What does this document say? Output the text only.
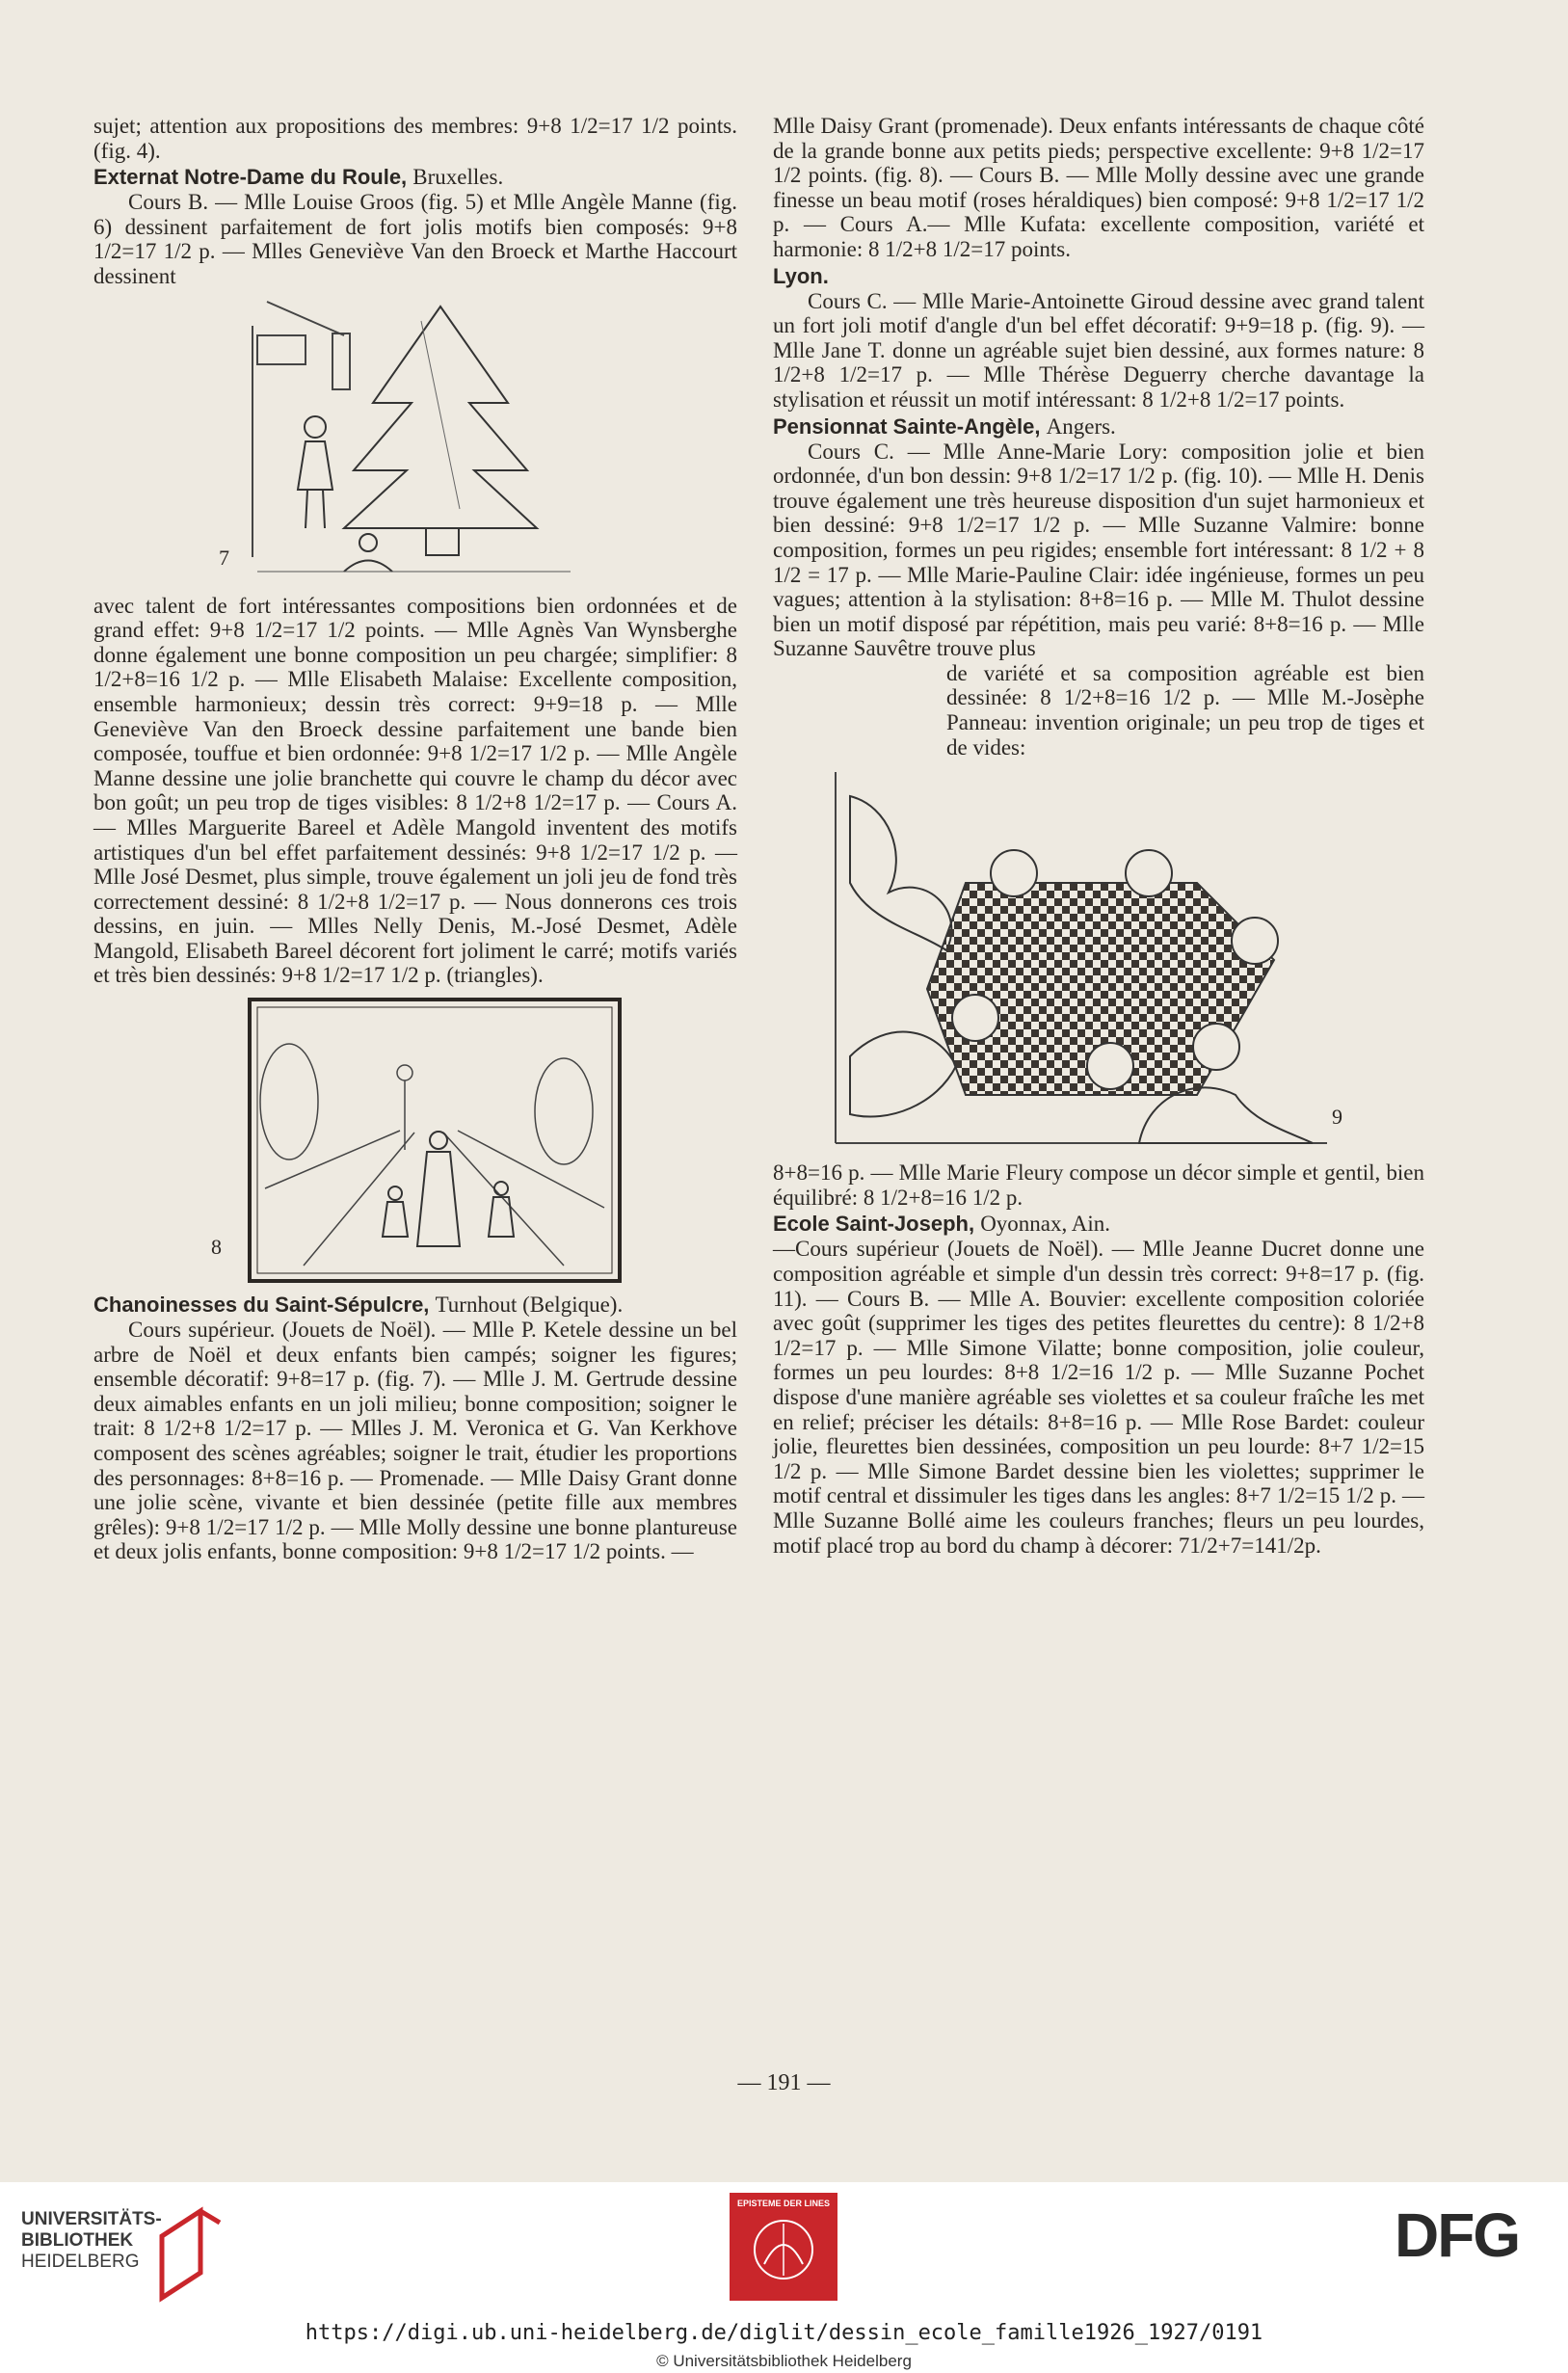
sujet; attention aux propositions des membres: 9+8 1/2=17 1/2 points. (fig. 4).

Externat Notre-Dame du Roule, Bruxelles.

Cours B. — Mlle Louise Groos (fig. 5) et Mlle Angèle Manne (fig. 6) dessinent parfaitement de fort jolis motifs bien composés: 9+8 1/2=17 1/2 p. — Mlles Geneviève Van den Broeck et Marthe Haccourt dessinent

7

avec talent de fort intéressantes compositions bien ordonnées et de grand effet: 9+8 1/2=17 1/2 points. — Mlle Agnès Van Wynsberghe donne également une bonne composition un peu chargée; simplifier: 8 1/2+8=16 1/2 p. — Mlle Elisabeth Malaise: Excellente composition, ensemble harmonieux; dessin très correct: 9+9=18 p. — Mlle Geneviève Van den Broeck dessine parfaitement une bande bien composée, touffue et bien ordonnée: 9+8 1/2=17 1/2 p. — Mlle Angèle Manne dessine une jolie branchette qui couvre le champ du décor avec bon goût; un peu trop de tiges visibles: 8 1/2+8 1/2=17 p. — Cours A. — Mlles Marguerite Bareel et Adèle Mangold inventent des motifs artistiques d'un bel effet parfaitement dessinés: 9+8 1/2=17 1/2 p. — Mlle José Desmet, plus simple, trouve également un joli jeu de fond très correctement dessiné: 8 1/2+8 1/2=17 p. — Nous donnerons ces trois dessins, en juin. — Mlles Nelly Denis, M.-José Desmet, Adèle Mangold, Elisabeth Bareel décorent fort joliment le carré; motifs variés et très bien dessinés: 9+8 1/2=17 1/2 p. (triangles).

8
Chanoinesses du Saint-Sépulcre, Turnhout (Belgique).

Cours supérieur. (Jouets de Noël). — Mlle P. Ketele dessine un bel arbre de Noël et deux enfants bien campés; soigner les figures; ensemble décoratif: 9+8=17 p. (fig. 7). — Mlle J. M. Gertrude dessine deux aimables enfants en un joli milieu; bonne composition; soigner le trait: 8 1/2+8 1/2=17 p. — Mlles J. M. Veronica et G. Van Kerkhove composent des scènes agréables; soigner le trait, étudier les proportions des personnages: 8+8=16 p. — Promenade. — Mlle Daisy Grant donne une jolie scène, vivante et bien dessinée (petite fille aux membres grêles): 9+8 1/2=17 1/2 p. — Mlle Molly dessine une bonne plantureuse et deux jolis enfants, bonne composition: 9+8 1/2=17 1/2 points. —

Mlle Daisy Grant (promenade). Deux enfants intéressants de chaque côté de la grande bonne aux petits pieds; perspective excellente: 9+8 1/2=17 1/2 points. (fig. 8). — Cours B. — Mlle Molly dessine avec une grande finesse un beau motif (roses héraldiques) bien composé: 9+8 1/2=17 1/2 p. — Cours A.— Mlle Kufata: excellente composition, variété et harmonie: 8 1/2+8 1/2=17 points.

Lyon.

Cours C. — Mlle Marie-Antoinette Giroud dessine avec grand talent un fort joli motif d'angle d'un bel effet décoratif: 9+9=18 p. (fig. 9). — Mlle Jane T. donne un agréable sujet bien dessiné, aux formes nature: 8 1/2+8 1/2=17 p. — Mlle Thérèse Deguerry cherche davantage la stylisation et réussit un motif intéressant: 8 1/2+8 1/2=17 points.

Pensionnat Sainte-Angèle, Angers.

Cours C. — Mlle Anne-Marie Lory: composition jolie et bien ordonnée, d'un bon dessin: 9+8 1/2=17 1/2 p. (fig. 10). — Mlle H. Denis trouve également une très heureuse disposition d'un sujet harmonieux et bien dessiné: 9+8 1/2=17 1/2 p. — Mlle Suzanne Valmire: bonne composition, formes un peu rigides; ensemble fort intéressant: 8 1/2 + 8 1/2 = 17 p. — Mlle Marie-Pauline Clair: idée ingénieuse, formes un peu vagues; attention à la stylisation: 8+8=16 p. — Mlle M. Thulot dessine bien un motif disposé par répétition, mais peu varié: 8+8=16 p. — Mlle Suzanne Sauvêtre trouve plus

de variété et sa composition agréable est bien dessinée: 8 1/2+8=16 1/2 p. — Mlle M.-Josèphe Panneau: invention originale; un peu trop de tiges et de vides:

9

8+8=16 p. — Mlle Marie Fleury compose un décor simple et gentil, bien équilibré: 8 1/2+8=16 1/2 p.

Ecole Saint-Joseph, Oyonnax, Ain.

—Cours supérieur (Jouets de Noël). — Mlle Jeanne Ducret donne une composition agréable et simple d'un dessin très correct: 9+8=17 p. (fig. 11). — Cours B. — Mlle A. Bouvier: excellente composition coloriée avec goût (supprimer les tiges des petites fleurettes du centre): 8 1/2+8 1/2=17 p. — Mlle Simone Vilatte; bonne composition, jolie couleur, formes un peu lourdes: 8+8 1/2=16 1/2 p. — Mlle Suzanne Pochet dispose d'une manière agréable ses violettes et sa couleur fraîche les met en relief; préciser les détails: 8+8=16 p. — Mlle Rose Bardet: couleur jolie, fleurettes bien dessinées, composition un peu lourde: 8+7 1/2=15 1/2 p. — Mlle Simone Bardet dessine bien les violettes; supprimer le motif central et dissimuler les tiges dans les angles: 8+7 1/2=15 1/2 p. — Mlle Suzanne Bollé aime les couleurs franches; fleurs un peu lourdes, motif placé trop au bord du champ à décorer: 71/2+7=141/2p.

— 191 —
UNIVERSITÄTS-
BIBLIOTHEK
HEIDELBERG
EPISTEME DER LINES	DFG
https://digi.ub.uni-heidelberg.de/diglit/dessin_ecole_famille1926_1927/0191
© Universitätsbibliothek Heidelberg
